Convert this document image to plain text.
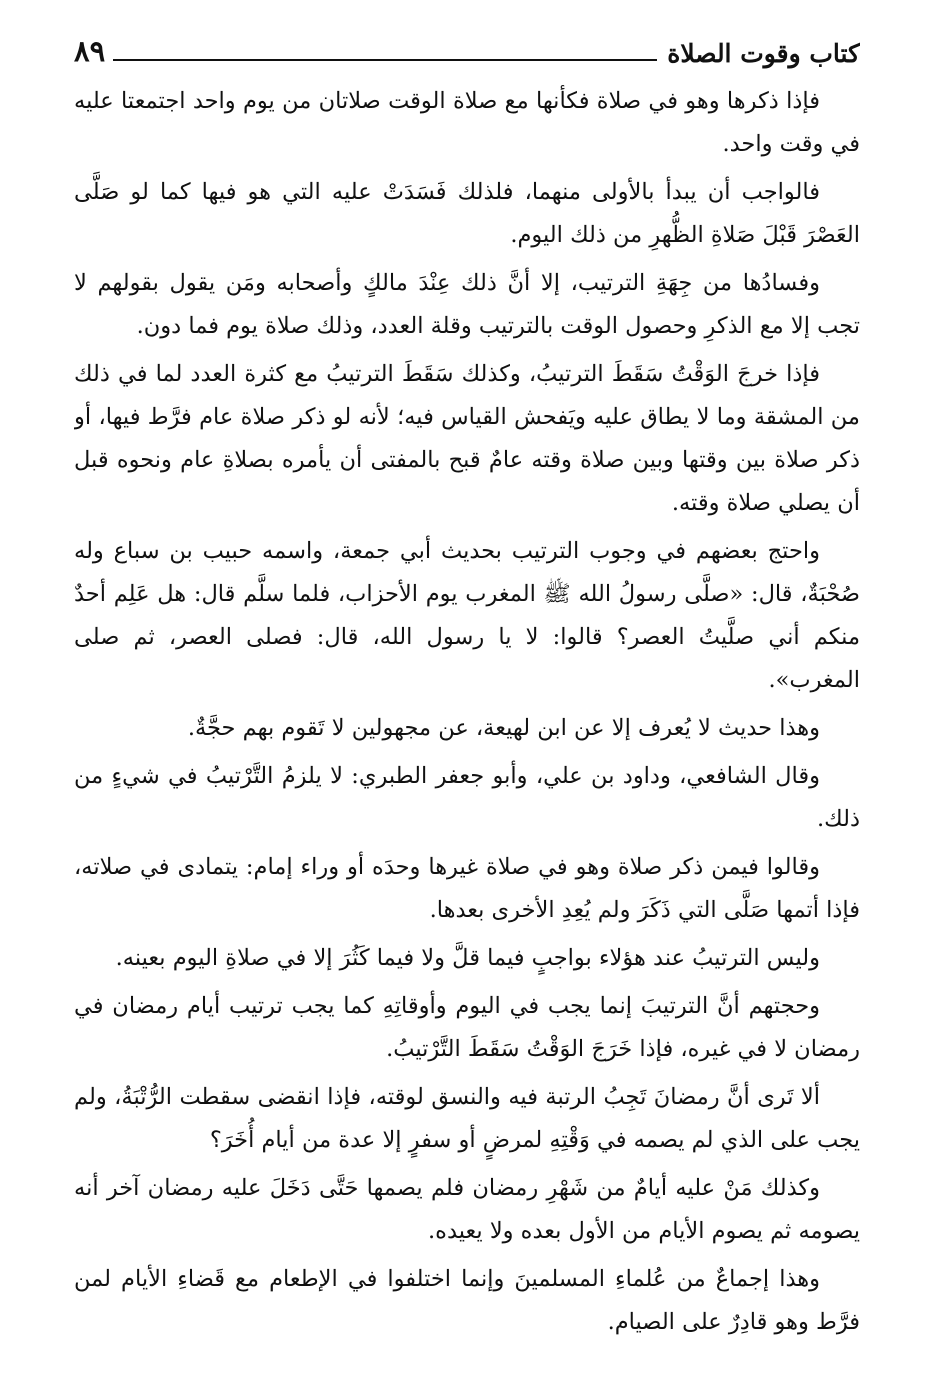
كتاب وقوت الصلاة
٨٩

فإذا ذكرها وهو في صلاة فكأنها مع صلاة الوقت صلاتان من يوم واحد اجتمعتا عليه في وقت واحد.

فالواجب أن يبدأ بالأولى منهما، فلذلك فَسَدَتْ عليه التي هو فيها كما لو صَلَّى العَصْرَ قَبْلَ صَلاةِ الظُّهرِ من ذلك اليوم.

وفسادُها من جِهَةِ الترتيب، إلا أنَّ ذلك عِنْدَ مالكٍ وأصحابه ومَن يقول بقولهم لا تجب إلا مع الذكرِ وحصول الوقت بالترتيب وقلة العدد، وذلك صلاة يوم فما دون.

فإذا خرجَ الوَقْتُ سَقَطَ الترتيبُ، وكذلك سَقَطَ الترتيبُ مع كثرة العدد لما في ذلك من المشقة وما لا يطاق عليه ويَفحش القياس فيه؛ لأنه لو ذكر صلاة عام فرَّط فيها، أو ذكر صلاة بين وقتها وبين صلاة وقته عامٌ قبح بالمفتى أن يأمره بصلاةِ عام ونحوه قبل أن يصلي صلاة وقته.

واحتج بعضهم في وجوب الترتيب بحديث أبي جمعة، واسمه حبيب بن سباع وله صُحْبَةٌ، قال: «صلَّى رسولُ الله ﷺ المغرب يوم الأحزاب، فلما سلَّم قال: هل عَلِم أحدٌ منكم أني صلَّيتُ العصر؟ قالوا: لا يا رسول الله، قال: فصلى العصر، ثم صلى المغرب».

وهذا حديث لا يُعرف إلا عن ابن لهيعة، عن مجهولين لا تَقوم بهم حجَّةٌ.

وقال الشافعي، وداود بن علي، وأبو جعفر الطبري: لا يلزمُ التَّرْتيبُ في شيءٍ من ذلك.

وقالوا فيمن ذكر صلاة وهو في صلاة غيرها وحدَه أو وراء إمام: يتمادى في صلاته، فإذا أتمها صَلَّى التي ذَكَرَ ولم يُعِدِ الأخرى بعدها.

وليس الترتيبُ عند هؤلاء بواجبٍ فيما قلَّ ولا فيما كَثُرَ إلا في صلاةِ اليوم بعينه.

وحجتهم أنَّ الترتيبَ إنما يجب في اليوم وأوقاتِهِ كما يجب ترتيب أيام رمضان في رمضان لا في غيره، فإذا خَرَجَ الوَقْتُ سَقَطَ التَّرْتيبُ.

ألا تَرى أنَّ رمضانَ تَجِبُ الرتبة فيه والنسق لوقته، فإذا انقضى سقطت الرُّتْبَةُ، ولم يجب على الذي لم يصمه في وَقْتِهِ لمرضٍ أو سفرٍ إلا عدة من أيام أُخَرَ؟

وكذلك مَنْ عليه أيامٌ من شَهْرِ رمضان فلم يصمها حَتَّى دَخَلَ عليه رمضان آخر أنه يصومه ثم يصوم الأيام من الأول بعده ولا يعيده.

وهذا إجماعٌ من عُلماءِ المسلمينَ وإنما اختلفوا في الإطعام مع قَضاءِ الأيام لمن فرَّط وهو قادِرٌ على الصيام.
